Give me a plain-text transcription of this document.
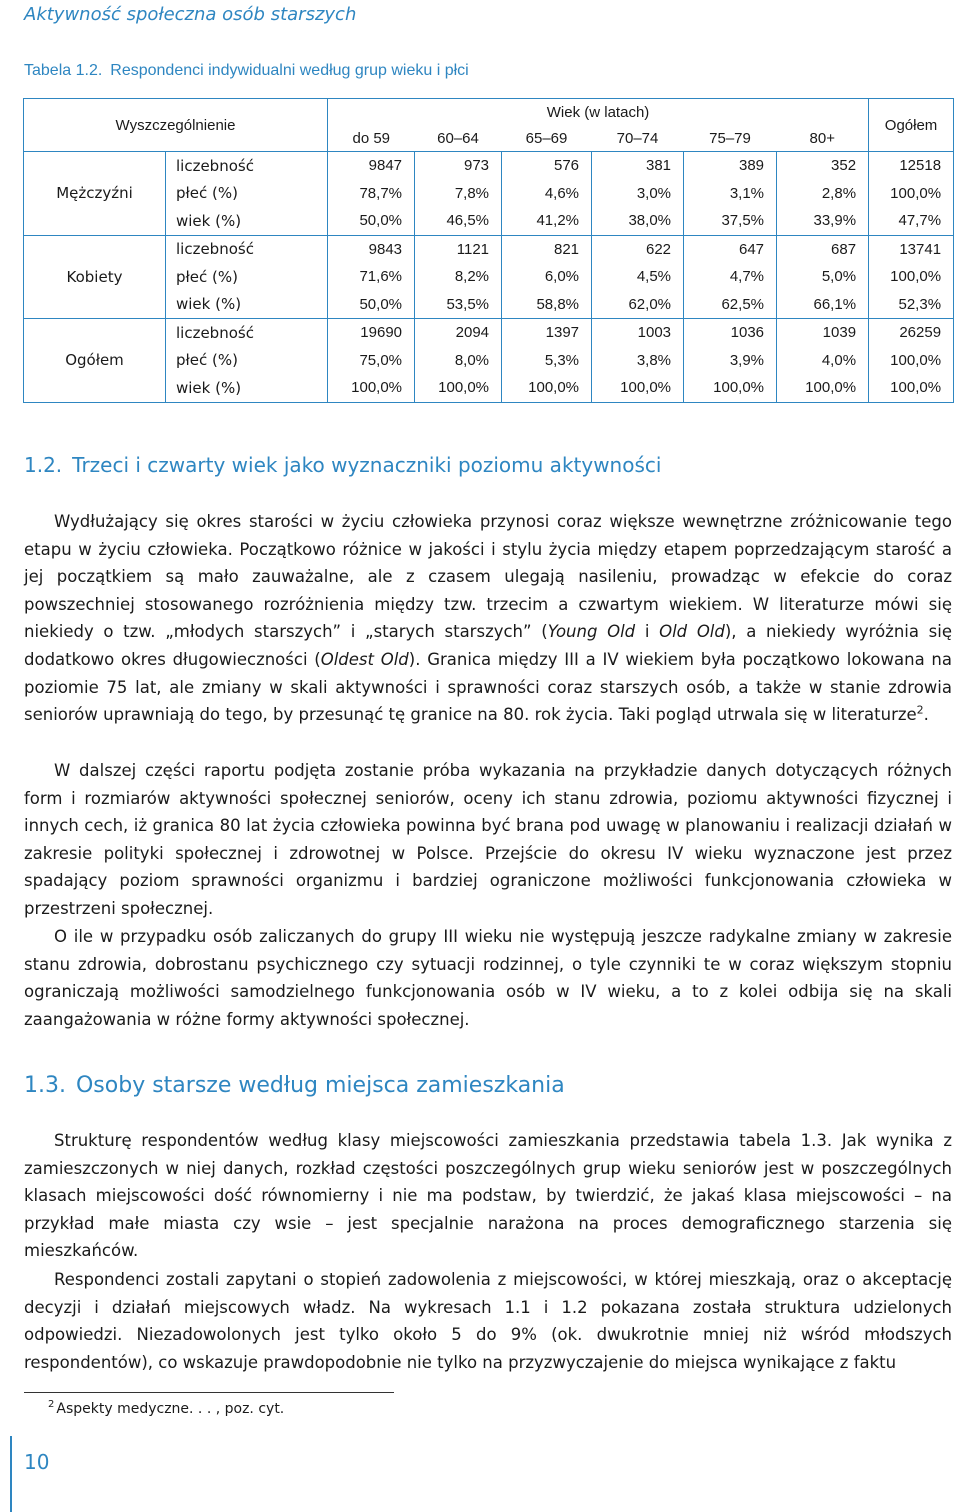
Aktywność społeczna osób starszych
Tabela 1.2. Respondenci indywidualni według grup wieku i płci
Wyszczególnienie		Wiek (w latach)						Ogółem
		do 59	60–64	65–69	70–74	75–79	80+	
Mężczyźni	liczebność	9847	973	576	381	389	352	12518
	płeć (%)	78,7%	7,8%	4,6%	3,0%	3,1%	2,8%	100,0%
	wiek (%)	50,0%	46,5%	41,2%	38,0%	37,5%	33,9%	47,7%
Kobiety	liczebność	9843	1121	821	622	647	687	13741
	płeć (%)	71,6%	8,2%	6,0%	4,5%	4,7%	5,0%	100,0%
	wiek (%)	50,0%	53,5%	58,8%	62,0%	62,5%	66,1%	52,3%
Ogółem	liczebność	19690	2094	1397	1003	1036	1039	26259
	płeć (%)	75,0%	8,0%	5,3%	3,8%	3,9%	4,0%	100,0%
	wiek (%)	100,0%	100,0%	100,0%	100,0%	100,0%	100,0%	100,0%
1.2. Trzeci i czwarty wiek jako wyznaczniki poziomu aktywności

Wydłużający się okres starości w życiu człowieka przynosi coraz większe wewnętrzne zróżnicowanie tego etapu w życiu człowieka. Początkowo różnice w jakości i stylu życia między etapem poprzedzającym starość a jej początkiem są mało zauważalne, ale z czasem ulegają nasileniu, prowadząc w efekcie do coraz powszechniej stosowanego rozróżnienia między tzw. trzecim a czwartym wiekiem. W literaturze mówi się niekiedy o tzw. „młodych starszych” i „starych starszych” (Young Old i Old Old), a niekiedy wyróżnia się dodatkowo okres długowieczności (Oldest Old). Granica między III a IV wiekiem była początkowo lokowana na poziomie 75 lat, ale zmiany w skali aktywności i sprawności coraz starszych osób, a także w stanie zdrowia seniorów uprawniają do tego, by przesunąć tę granice na 80. rok życia. Taki pogląd utrwala się w literaturze$^2$.

W dalszej części raportu podjęta zostanie próba wykazania na przykładzie danych dotyczących różnych form i rozmiarów aktywności społecznej seniorów, oceny ich stanu zdrowia, poziomu aktywności fizycznej i innych cech, iż granica 80 lat życia człowieka powinna być brana pod uwagę w planowaniu i realizacji działań w zakresie polityki społecznej i zdrowotnej w Polsce. Przejście do okresu IV wieku wyznaczone jest przez spadający poziom sprawności organizmu i bardziej ograniczone możliwości funkcjonowania człowieka w przestrzeni społecznej.

O ile w przypadku osób zaliczanych do grupy III wieku nie występują jeszcze radykalne zmiany w zakresie stanu zdrowia, dobrostanu psychicznego czy sytuacji rodzinnej, o tyle czynniki te w coraz większym stopniu ograniczają możliwości samodzielnego funkcjonowania osób w IV wieku, a to z kolei odbija się na skali zaangażowania w różne formy aktywności społecznej.

1.3. Osoby starsze według miejsca zamieszkania

Strukturę respondentów według klasy miejscowości zamieszkania przedstawia tabela 1.3. Jak wynika z zamieszczonych w niej danych, rozkład częstości poszczególnych grup wieku seniorów jest w poszczególnych klasach miejscowości dość równomierny i nie ma podstaw, by twierdzić, że jakaś klasa miejscowości – na przykład małe miasta czy wsie – jest specjalnie narażona na proces demograficznego starzenia się mieszkańców.

Respondenci zostali zapytani o stopień zadowolenia z miejscowości, w której mieszkają, oraz o akceptację decyzji i działań miejscowych władz. Na wykresach 1.1 i 1.2 pokazana została struktura udzielonych odpowiedzi. Niezadowolonych jest tylko około 5 do 9% (ok. dwukrotnie mniej niż wśród młodszych respondentów), co wskazuje prawdopodobnie nie tylko na przyzwyczajenie do miejsca wynikające z faktu

$^2$ Aspekty medyczne. . . , poz. cyt.
10
